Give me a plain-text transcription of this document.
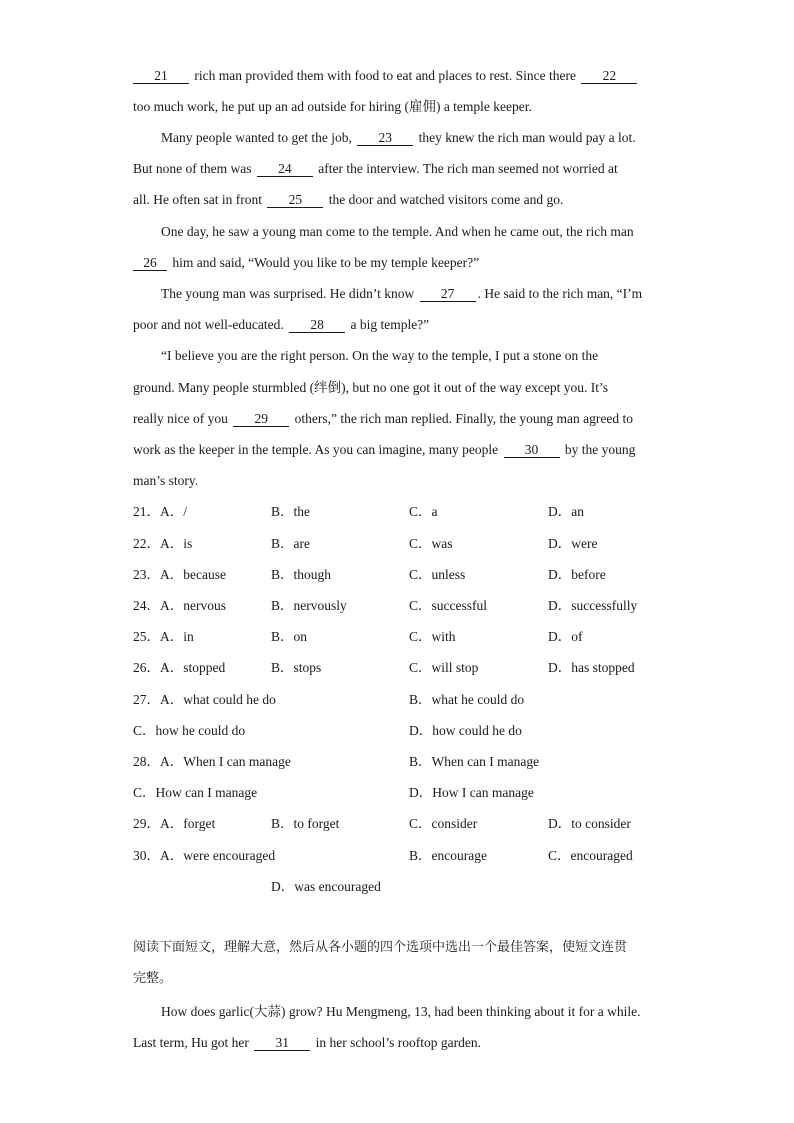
21 rich man provided them with food to eat and places to rest. Since there 22
too much work, he put up an ad outside for hiring (雇佣) a temple keeper.
Many people wanted to get the job, 23 they knew the rich man would pay a lot.
But none of them was 24 after the interview. The rich man seemed not worried at
all. He often sat in front 25 the door and watched visitors come and go.
One day, he saw a young man come to the temple. And when he came out, the rich man
26 him and said, “Would you like to be my temple keeper?”
The young man was surprised. He didn’t know 27 . He said to the rich man, “I’m
poor and not well-educated. 28 a big temple?”
“I believe you are the right person. On the way to the temple, I put a stone on the
ground. Many people sturmbled (绊倒), but no one got it out of the way except you. It’s
really nice of you 29 others,” the rich man replied. Finally, the young man agreed to
work as the keeper in the temple. As you can imagine, many people 30 by the young
man’s story.
21． A．/	B．the	C．a	D．an
22． A．is	B．are	C．was	D．were
23． A．because	B．though	C．unless	D．before
24． A．nervous	B．nervously	C．successful	D．successfully
25． A．in	B．on	C．with	D．of
26． A．stopped	B．stops	C．will stop	D．has stopped
27． A．what could he do	B．what he could do
C．how he could do	D．how could he do
28． A．When I can manage	B．When can I manage
C．How can I manage	D．How I can manage
29． A．forget	B．to forget	C．consider	D．to consider
30． A．were encouraged	B．encourage	C．encouraged
D．was encouraged
阅读下面短文，理解大意，然后从各小题的四个选项中选出一个最佳答案，使短文连贯
完整。
How does garlic(大蒜) grow? Hu Mengmeng, 13, had been thinking about it for a while.
Last term, Hu got her 31 in her school’s rooftop garden.
